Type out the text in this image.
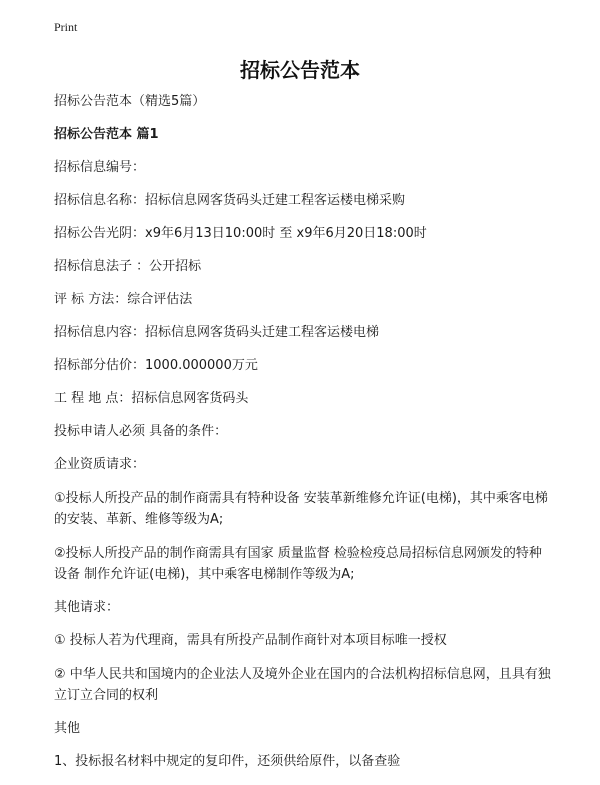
Print
招标公告范本

招标公告范本（精选5篇）

招标公告范本 篇1

招标信息编号：

招标信息名称：招标信息网客货码头迁建工程客运楼电梯采购

招标公告光阴：x9年6月13日10:00时 至 x9年6月20日18:00时

招标信息法子 ：公开招标

评 标 方法：综合评估法

招标信息内容：招标信息网客货码头迁建工程客运楼电梯

招标部分估价：1000.000000万元

工 程 地 点：招标信息网客货码头

投标申请人必须 具备的条件：

企业资质请求：

①投标人所投产品的制作商需具有特种设备 安装革新维修允许证(电梯)，其中乘客电梯的安装、革新、维修等级为A;

②投标人所投产品的制作商需具有国家 质量监督 检验检疫总局招标信息网颁发的特种设备 制作允许证(电梯)，其中乘客电梯制作等级为A;

其他请求：

① 投标人若为代理商，需具有所投产品制作商针对本项目标唯一授权

② 中华人民共和国境内的企业法人及境外企业在国内的合法机构招标信息网，且具有独立订立合同的权利

其他

1、投标报名材料中规定的复印件，还须供给原件，以备查验
